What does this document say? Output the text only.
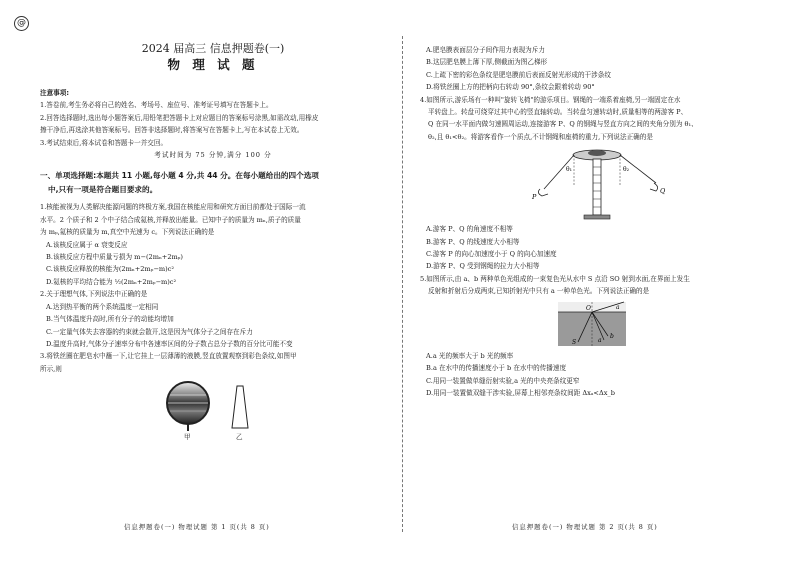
@
2024 届高三 信息押题卷(一)
物 理 试 题
注意事项:
1.答卷前,考生务必将自己的姓名、考场号、座位号、准考证号填写在答题卡上。
2.回答选择题时,选出每小题答案后,用铅笔把答题卡上对应题目的答案标号涂黑,如需改动,用橡皮
擦干净后,再选涂其他答案标号。回答非选择题时,将答案写在答题卡上,写在本试卷上无效。
3.考试结束后,将本试卷和答题卡一并交回。
考试时间为 75 分钟,满分 100 分
一、单项选择题:本题共 11 小题,每小题 4 分,共 44 分。在每小题给出的四个选项
中,只有一项是符合题目要求的。
1.核能被视为人类解决能源问题的终极方案,我国在核能应用和研究方面目前都处于国际一流
水平。2 个质子和 2 个中子结合成氦核,并释放出能量。已知中子的质量为 mₙ,质子的质量
为 mₚ,氦核的质量为 m,真空中光速为 c。下列说法正确的是
A.该核反应属于 α 衰变反应
B.该核反应方程中质量亏损为 m−(2mₙ+2mₚ)
C.该核反应释放的核能为(2mₙ+2mₚ−m)c²
D.氦核的平均结合能为 ½(2mₙ+2mₚ−m)c²
2.关于理想气体,下列说法中正确的是
A.达到热平衡的两个系统温度一定相同
B.当气体温度升高时,所有分子的动能均增加
C.一定量气体失去容器的约束就会散开,这是因为气体分子之间存在斥力
D.温度升高时,气体分子速率分布中各速率区间的分子数占总分子数的百分比可能不变
3.将铁丝圈在肥皂水中蘸一下,让它挂上一层薄薄的液膜,竖直放置观察到彩色条纹,如图甲
所示,则
甲	乙
信息押题卷(一) 物理试题 第 1 页(共 8 页)
A.肥皂膜表面层分子间作用力表现为斥力
B.这层肥皂膜上薄下厚,侧截面为图乙梯形
C.上疏下密的彩色条纹是肥皂膜前后表面反射光形成的干涉条纹
D.将铁丝圈上方的把柄向右转动 90°,条纹会跟着转动 90°
4.如图所示,游乐场有一种叫"旋转飞椅"的游乐项目。钢绳的一端系着座椅,另一端固定在水
平转盘上。转盘可绕穿过其中心的竖直轴转动。当转盘匀速转动时,质量相等的两游客 P、
Q 在同一水平面内做匀速圆周运动,连接游客 P、Q 的钢绳与竖直方向之间的夹角分别为 θ₁、
θ₂,且 θ₁<θ₂。将游客看作一个质点,不计钢绳和座椅的重力,下列说法正确的是
θ₁	θ₂
P
Q
A.游客 P、Q 的角速度不相等
B.游客 P、Q 的线速度大小相等
C.游客 P 的向心加速度小于 Q 的向心加速度
D.游客 P、Q 受到钢绳的拉力大小相等
5.如图所示,由 a、b 两种单色光组成的一束复色光从水中 S 点沿 SO 射到水面,在界面上发生
反射和折射后分成两束,已知折射光中只有 a 一种单色光。下列说法正确的是
O
S	a
b
a
A.a 光的频率大于 b 光的频率
B.a 在水中的传播速度小于 b 在水中的传播速度
C.用同一装置做单缝衍射实验,a 光的中央亮条纹更窄
D.用同一装置做双缝干涉实验,屏幕上相邻亮条纹间距 Δxₐ<Δx_b
信息押题卷(一) 物理试题 第 2 页(共 8 页)
